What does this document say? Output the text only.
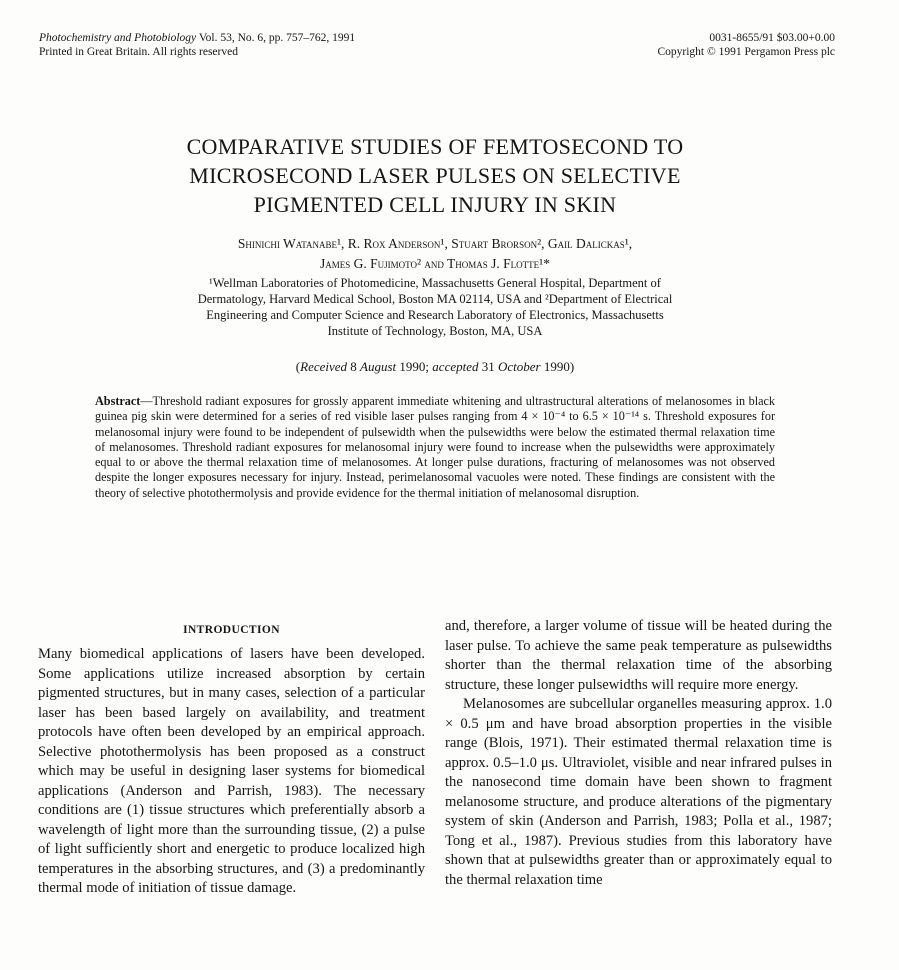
Photochemistry and Photobiology Vol. 53, No. 6, pp. 757–762, 1991
Printed in Great Britain. All rights reserved
0031-8655/91 $03.00+0.00
Copyright © 1991 Pergamon Press plc
COMPARATIVE STUDIES OF FEMTOSECOND TO
MICROSECOND LASER PULSES ON SELECTIVE
PIGMENTED CELL INJURY IN SKIN
Shinichi Watanabe¹, R. Rox Anderson¹, Stuart Brorson², Gail Dalickas¹,
James G. Fujimoto² and Thomas J. Flotte¹*
¹Wellman Laboratories of Photomedicine, Massachusetts General Hospital, Department of
Dermatology, Harvard Medical School, Boston MA 02114, USA and ²Department of Electrical
Engineering and Computer Science and Research Laboratory of Electronics, Massachusetts
Institute of Technology, Boston, MA, USA
(Received 8 August 1990; accepted 31 October 1990)
Abstract—Threshold radiant exposures for grossly apparent immediate whitening and ultrastructural alterations of melanosomes in black guinea pig skin were determined for a series of red visible laser pulses ranging from 4 × 10⁻⁴ to 6.5 × 10⁻¹⁴ s. Threshold exposures for melanosomal injury were found to be independent of pulsewidth when the pulsewidths were below the estimated thermal relaxation time of melanosomes. Threshold radiant exposures for melanosomal injury were found to increase when the pulsewidths were approximately equal to or above the thermal relaxation time of melanosomes. At longer pulse durations, fracturing of melanosomes was not observed despite the longer exposures necessary for injury. Instead, perimelanosomal vacuoles were noted. These findings are consistent with the theory of selective photothermolysis and provide evidence for the thermal initiation of melanosomal disruption.
INTRODUCTION

Many biomedical applications of lasers have been developed. Some applications utilize increased absorption by certain pigmented structures, but in many cases, selection of a particular laser has been based largely on availability, and treatment protocols have often been developed by an empirical approach. Selective photothermolysis has been proposed as a construct which may be useful in designing laser systems for biomedical applications (Anderson and Parrish, 1983). The necessary conditions are (1) tissue structures which preferentially absorb a wavelength of light more than the surrounding tissue, (2) a pulse of light sufficiently short and energetic to produce localized high temperatures in the absorbing structures, and (3) a predominantly thermal mode of initiation of tissue damage.

and, therefore, a larger volume of tissue will be heated during the laser pulse. To achieve the same peak temperature as pulsewidths shorter than the thermal relaxation time of the absorbing structure, these longer pulsewidths will require more energy.

Melanosomes are subcellular organelles measuring approx. 1.0 × 0.5 μm and have broad absorption properties in the visible range (Blois, 1971). Their estimated thermal relaxation time is approx. 0.5–1.0 μs. Ultraviolet, visible and near infrared pulses in the nanosecond time domain have been shown to fragment melanosome structure, and produce alterations of the pigmentary system of skin (Anderson and Parrish, 1983; Polla et al., 1987; Tong et al., 1987). Previous studies from this laboratory have shown that at pulsewidths greater than or approximately equal to the thermal relaxation time
